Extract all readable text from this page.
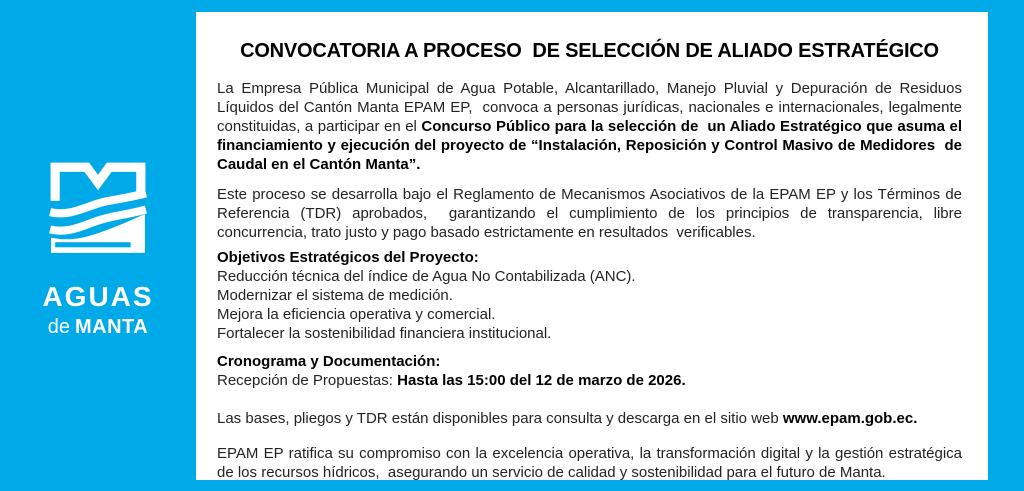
AGUAS
de MANTA
CONVOCATORIA A PROCESO  DE SELECCIÓN DE ALIADO ESTRATÉGICO

La Empresa Pública Municipal de Agua Potable, Alcantarillado, Manejo Pluvial y Depuración de Residuos Líquidos del Cantón Manta EPAM EP,  convoca a personas jurídicas, nacionales e internacionales, legalmente constituidas, a participar en el Concurso Público para la selección de  un Aliado Estratégico que asuma el financiamiento y ejecución del proyecto de “Instalación, Reposición y Control Masivo de Medidores  de Caudal en el Cantón Manta”.

Este proceso se desarrolla bajo el Reglamento de Mecanismos Asociativos de la EPAM EP y los Términos de Referencia (TDR) aprobados,  garantizando el cumplimiento de los principios de transparencia, libre concurrencia, trato justo y pago basado estrictamente en resultados  verificables.

Objetivos Estratégicos del Proyecto:
Reducción técnica del índice de Agua No Contabilizada (ANC).
Modernizar el sistema de medición.
Mejora la eficiencia operativa y comercial.
Fortalecer la sostenibilidad financiera institucional.
Cronograma y Documentación:
Recepción de Propuestas: Hasta las 15:00 del 12 de marzo de 2026.

Las bases, pliegos y TDR están disponibles para consulta y descarga en el sitio web www.epam.gob.ec.

EPAM EP ratifica su compromiso con la excelencia operativa, la transformación digital y la gestión estratégica de los recursos hídricos,  asegurando un servicio de calidad y sostenibilidad para el futuro de Manta.
